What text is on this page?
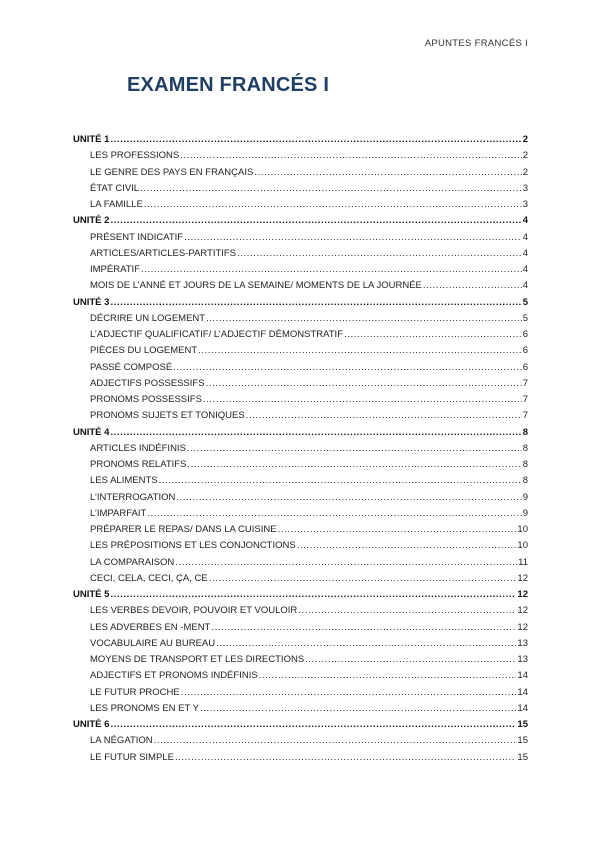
APUNTES FRANCÉS I
EXAMEN FRANCÉS I
UNITÉ 1 .....	2
LES PROFESSIONS .....	2
LE GENRE DES PAYS EN FRANÇAIS .....	2
ÉTAT CIVIL .....	3
LA FAMILLE .....	3
UNITÉ 2 .....	4
PRÉSENT INDICATIF .....	4
ARTICLES/ARTICLES-PARTITIFS .....	4
IMPÉRATIF .....	4
MOIS DE L’ANNÉ ET JOURS DE LA SEMAINE/ MOMENTS DE LA JOURNÉE .....	4
UNITÉ 3 .....	5
DÉCRIRE UN LOGEMENT .....	5
L’ADJECTIF QUALIFICATIF/ L’ADJECTIF DÉMONSTRATIF .....	6
PIÈCES DU LOGEMENT .....	6
PASSÉ COMPOSÉ .....	6
ADJECTIFS POSSESSIFS .....	7
PRONOMS POSSESSIFS .....	7
PRONOMS SUJETS ET TONIQUES .....	7
UNITÉ 4 .....	8
ARTICLES INDÉFINIS .....	8
PRONOMS RELATIFS .....	8
LES ALIMENTS .....	8
L’INTERROGATION .....	9
L’IMPARFAIT .....	9
PRÉPARER LE REPAS/ DANS LA CUISINE .....	10
LES PRÉPOSITIONS ET LES CONJONCTIONS .....	10
LA COMPARAISON .....	11
CECI, CELA, CECI, ÇA, CE .....	12
UNITÉ 5 .....	12
LES VERBES DEVOIR, POUVOIR ET VOULOIR .....	12
LES ADVERBES EN -MENT .....	12
VOCABULAIRE AU BUREAU .....	13
MOYENS DE TRANSPORT ET LES DIRECTIONS .....	13
ADJECTIFS ET PRONOMS INDÉFINIS .....	14
LE FUTUR PROCHE .....	14
LES PRONOMS EN ET Y .....	14
UNITÉ 6 .....	15
LA NÉGATION .....	15
LE FUTUR SIMPLE .....	15
